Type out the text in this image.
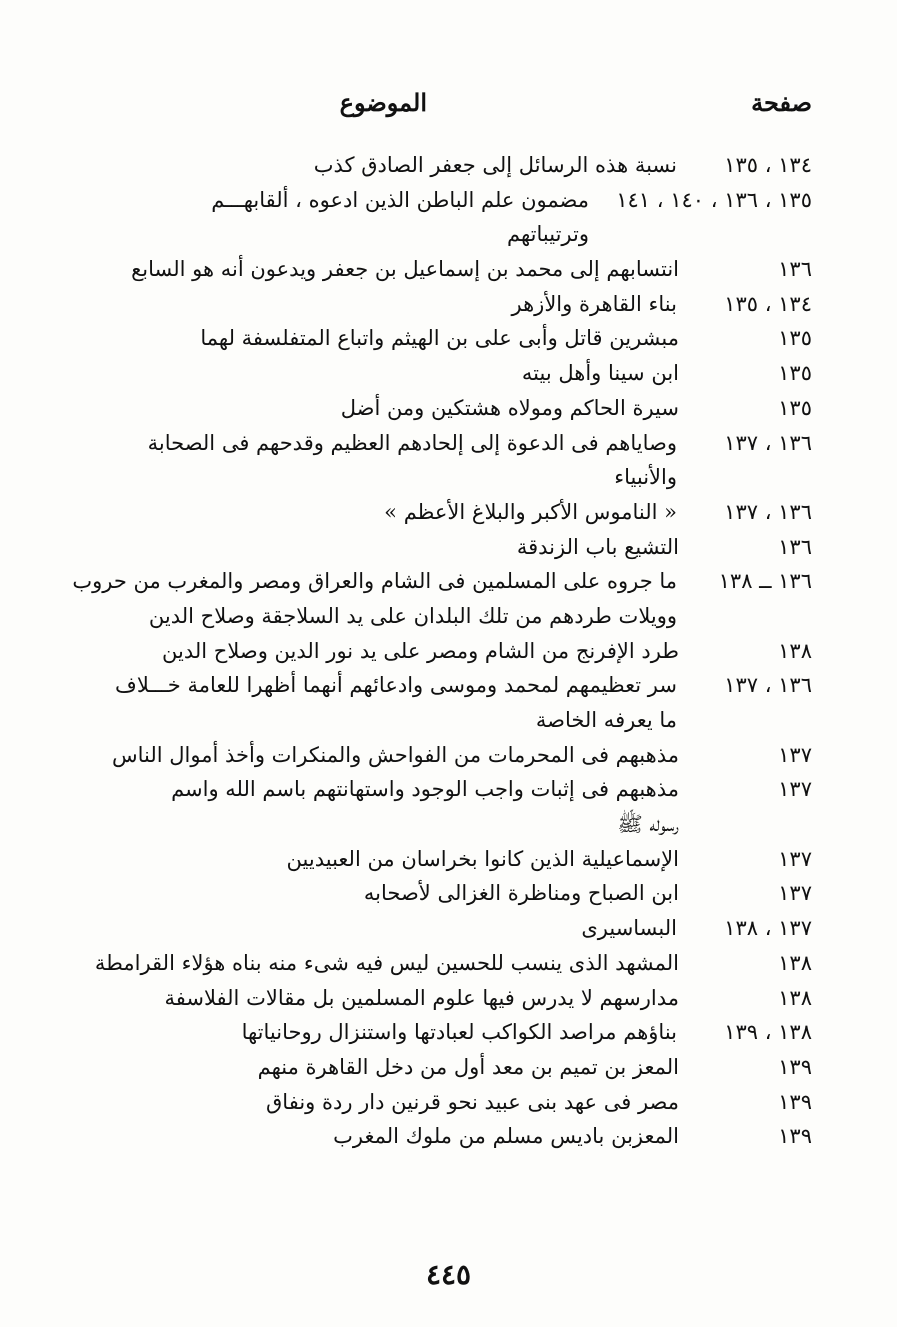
صفحة
الموضوع
١٣٤ ، ١٣٥
نسبة هذه الرسائل إلى جعفر الصادق كذب
١٣٥ ، ١٣٦ ، ١٤٠ ، ١٤١
مضمون علم الباطن الذين ادعوه ، ألقابهـــم
وترتيباتهم
١٣٦
انتسابهم إلى محمد بن إسماعيل بن جعفر ويدعون أنه هو السابع
١٣٤ ، ١٣٥
بناء القاهرة والأزهر
١٣٥
مبشرين قاتل وأبى على بن الهيثم واتباع المتفلسفة لهما
١٣٥
ابن سينا وأهل بيته
١٣٥
سيرة الحاكم ومولاه هشتكين ومن أضل
١٣٦ ، ١٣٧
وصاياهم فى الدعوة إلى إلحادهم العظيم وقدحهم فى الصحابة
والأنبياء
١٣٦ ، ١٣٧
« الناموس الأكبر والبلاغ الأعظم »
١٣٦
التشيع باب الزندقة
١٣٦ ــ ١٣٨
ما جروه على المسلمين فى الشام والعراق ومصر والمغرب من حروب
وويلات طردهم من تلك البلدان على يد السلاجقة وصلاح الدين
١٣٨
طرد الإفرنج من الشام ومصر على يد نور الدين وصلاح الدين
١٣٦ ، ١٣٧
سر تعظيمهم لمحمد وموسى وادعائهم أنهما أظهرا للعامة خـــلاف
ما يعرفه الخاصة
١٣٧
مذهبهم فى المحرمات من الفواحش والمنكرات وأخذ أموال الناس
١٣٧
مذهبهم فى إثبات واجب الوجود واستهانتهم باسم الله واسم
رسوله ﷺ
١٣٧
الإسماعيلية الذين كانوا بخراسان من العبيديين
١٣٧
ابن الصباح ومناظرة الغزالى لأصحابه
١٣٧ ، ١٣٨
البساسيرى
١٣٨
المشهد الذى ينسب للحسين ليس فيه شىء منه بناه هؤلاء القرامطة
١٣٨
مدارسهم لا يدرس فيها علوم المسلمين بل مقالات الفلاسفة
١٣٨ ، ١٣٩
بناؤهم مراصد الكواكب لعبادتها واستنزال روحانياتها
١٣٩
المعز بن تميم بن معد أول من دخل القاهرة منهم
١٣٩
مصر فى عهد بنى عبيد نحو قرنين دار ردة ونفاق
١٣٩
المعزبن باديس مسلم من ملوك المغرب
٤٤٥
